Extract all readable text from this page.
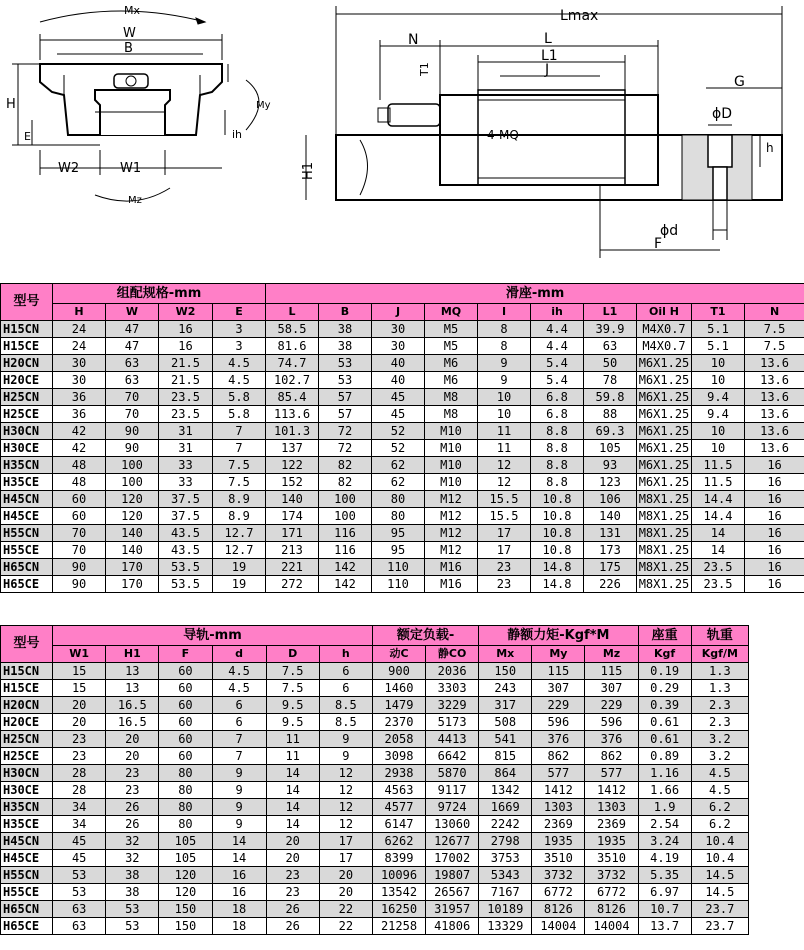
Mx
W
B
H
E	ih
My
W2	W1
Mz
Lmax
L
L1
J
N
T1
4-MQ
G
ϕD
h
H1
ϕd
F
型号	组配规格-mm				滑座-mm									
	H	W	W2	E	L	B	J	MQ	I	ih	L1	Oil H	T1	N
H15CN	24	47	16	3	58.5	38	30	M5	8	4.4	39.9	M4X0.7	5.1	7.5
H15CE	24	47	16	3	81.6	38	30	M5	8	4.4	63	M4X0.7	5.1	7.5
H20CN	30	63	21.5	4.5	74.7	53	40	M6	9	5.4	50	M6X1.25	10	13.6
H20CE	30	63	21.5	4.5	102.7	53	40	M6	9	5.4	78	M6X1.25	10	13.6
H25CN	36	70	23.5	5.8	85.4	57	45	M8	10	6.8	59.8	M6X1.25	9.4	13.6
H25CE	36	70	23.5	5.8	113.6	57	45	M8	10	6.8	88	M6X1.25	9.4	13.6
H30CN	42	90	31	7	101.3	72	52	M10	11	8.8	69.3	M6X1.25	10	13.6
H30CE	42	90	31	7	137	72	52	M10	11	8.8	105	M6X1.25	10	13.6
H35CN	48	100	33	7.5	122	82	62	M10	12	8.8	93	M6X1.25	11.5	16
H35CE	48	100	33	7.5	152	82	62	M10	12	8.8	123	M6X1.25	11.5	16
H45CN	60	120	37.5	8.9	140	100	80	M12	15.5	10.8	106	M8X1.25	14.4	16
H45CE	60	120	37.5	8.9	174	100	80	M12	15.5	10.8	140	M8X1.25	14.4	16
H55CN	70	140	43.5	12.7	171	116	95	M12	17	10.8	131	M8X1.25	14	16
H55CE	70	140	43.5	12.7	213	116	95	M12	17	10.8	173	M8X1.25	14	16
H65CN	90	170	53.5	19	221	142	110	M16	23	14.8	175	M8X1.25	23.5	16
H65CE	90	170	53.5	19	272	142	110	M16	23	14.8	226	M8X1.25	23.5	16
型号	导轨-mm						额定负载-		静额力矩-Kgf*M			座重	轨重
	W1	H1	F	d	D	h	动C	静CO	Mx	My	Mz	Kgf	Kgf/M
H15CN	15	13	60	4.5	7.5	6	900	2036	150	115	115	0.19	1.3
H15CE	15	13	60	4.5	7.5	6	1460	3303	243	307	307	0.29	1.3
H20CN	20	16.5	60	6	9.5	8.5	1479	3229	317	229	229	0.39	2.3
H20CE	20	16.5	60	6	9.5	8.5	2370	5173	508	596	596	0.61	2.3
H25CN	23	20	60	7	11	9	2058	4413	541	376	376	0.61	3.2
H25CE	23	20	60	7	11	9	3098	6642	815	862	862	0.89	3.2
H30CN	28	23	80	9	14	12	2938	5870	864	577	577	1.16	4.5
H30CE	28	23	80	9	14	12	4563	9117	1342	1412	1412	1.66	4.5
H35CN	34	26	80	9	14	12	4577	9724	1669	1303	1303	1.9	6.2
H35CE	34	26	80	9	14	12	6147	13060	2242	2369	2369	2.54	6.2
H45CN	45	32	105	14	20	17	6262	12677	2798	1935	1935	3.24	10.4
H45CE	45	32	105	14	20	17	8399	17002	3753	3510	3510	4.19	10.4
H55CN	53	38	120	16	23	20	10096	19807	5343	3732	3732	5.35	14.5
H55CE	53	38	120	16	23	20	13542	26567	7167	6772	6772	6.97	14.5
H65CN	63	53	150	18	26	22	16250	31957	10189	8126	8126	10.7	23.7
H65CE	63	53	150	18	26	22	21258	41806	13329	14004	14004	13.7	23.7
